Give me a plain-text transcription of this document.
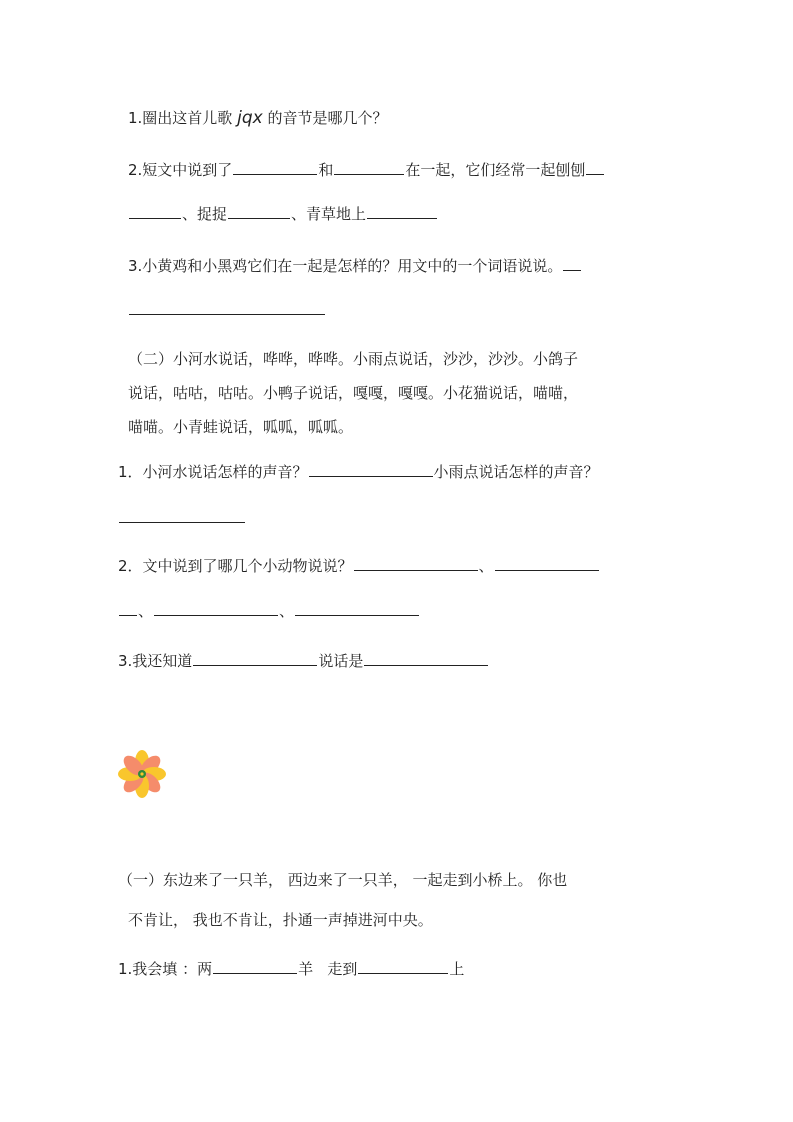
1.圈出这首儿歌 jqx 的音节是哪几个？
2.短文中说到了	和	在一起，它们经常一起刨刨
、捉捉	、青草地上
3.小黄鸡和小黑鸡它们在一起是怎样的？用文中的一个词语说说。
（二）小河水说话，哗哗，哗哗。小雨点说话，沙沙，沙沙。小鸽子
说话，咕咕，咕咕。小鸭子说话，嘎嘎，嘎嘎。小花猫说话，喵喵，
喵喵。小青蛙说话，呱呱，呱呱。
1．小河水说话怎样的声音？	小雨点说话怎样的声音？
2．文中说到了哪几个小动物说说？	、
、	、
3.我还知道	说话是
（一）东边来了一只羊， 西边来了一只羊， 一起走到小桥上。 你也
不肯让， 我也不肯让，扑通一声掉进河中央。
1.我会填 ：两	羊   走到	上
